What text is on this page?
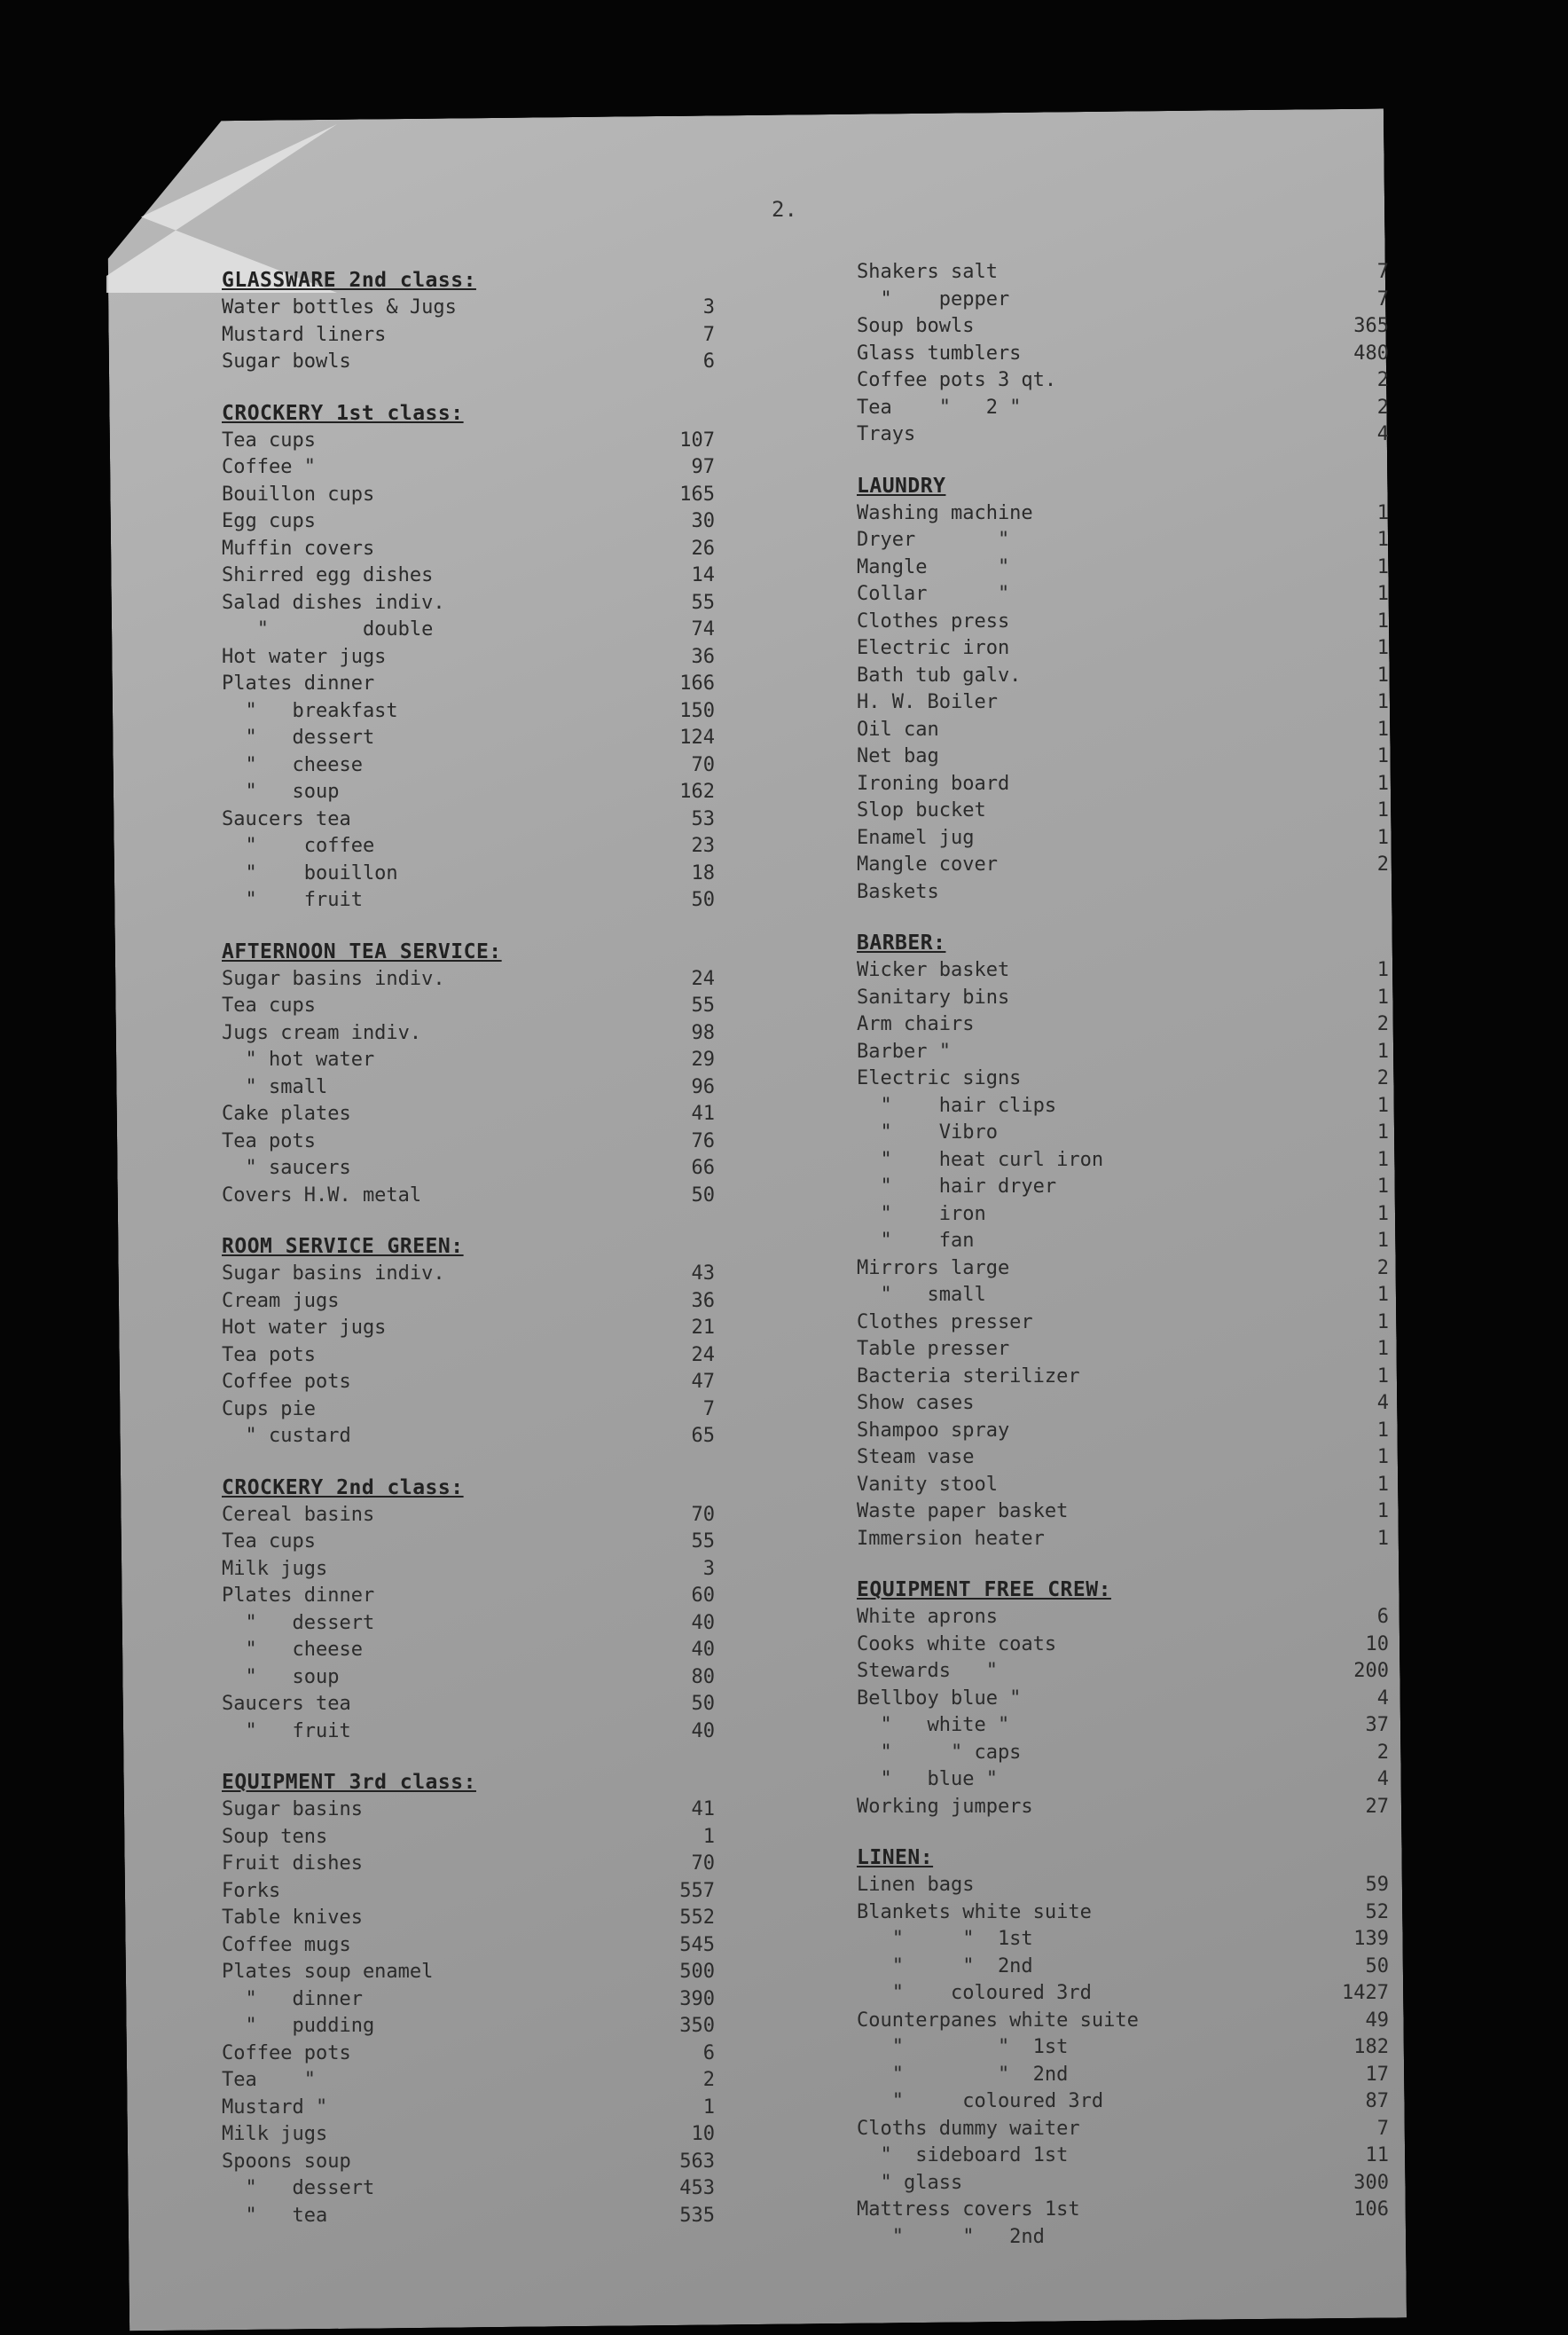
2.
GLASSWARE 2nd class:
Water bottles & Jugs	3
Mustard liners	7
Sugar bowls	6
CROCKERY 1st class:
Tea cups	107
Coffee "	97
Bouillon cups	165
Egg cups	30
Muffin covers	26
Shirred egg dishes	14
Salad dishes indiv.	55
"        double	74
Hot water jugs	36
Plates dinner	166
"   breakfast	150
"   dessert	124
"   cheese	70
"   soup	162
Saucers tea	53
"    coffee	23
"    bouillon	18
"    fruit	50
AFTERNOON TEA SERVICE:
Sugar basins indiv.	24
Tea cups	55
Jugs cream indiv.	98
" hot water	29
" small	96
Cake plates	41
Tea pots	76
" saucers	66
Covers H.W. metal	50
ROOM SERVICE GREEN:
Sugar basins indiv.	43
Cream jugs	36
Hot water jugs	21
Tea pots	24
Coffee pots	47
Cups pie	7
" custard	65
CROCKERY 2nd class:
Cereal basins	70
Tea cups	55
Milk jugs	3
Plates dinner	60
"   dessert	40
"   cheese	40
"   soup	80
Saucers tea	50
"   fruit	40
EQUIPMENT 3rd class:
Sugar basins	41
Soup tens	1
Fruit dishes	70
Forks	557
Table knives	552
Coffee mugs	545
Plates soup enamel	500
"   dinner	390
"   pudding	350
Coffee pots	6
Tea    "	2
Mustard "	1
Milk jugs	10
Spoons soup	563
"   dessert	453
"   tea	535
Shakers salt	7
"    pepper	7
Soup bowls	365
Glass tumblers	480
Coffee pots 3 qt.	2
Tea    "   2 "	2
Trays	4
LAUNDRY
Washing machine	1
Dryer       "	1
Mangle      "	1
Collar      "	1
Clothes press	1
Electric iron	1
Bath tub galv.	1
H. W. Boiler	1
Oil can	1
Net bag	1
Ironing board	1
Slop bucket	1
Enamel jug	1
Mangle cover	2
Baskets
BARBER:
Wicker basket	1
Sanitary bins	1
Arm chairs	2
Barber "	1
Electric signs	2
"    hair clips	1
"    Vibro	1
"    heat curl iron	1
"    hair dryer	1
"    iron	1
"    fan	1
Mirrors large	2
"   small	1
Clothes presser	1
Table presser	1
Bacteria sterilizer	1
Show cases	4
Shampoo spray	1
Steam vase	1
Vanity stool	1
Waste paper basket	1
Immersion heater	1
EQUIPMENT FREE CREW:
White aprons	6
Cooks white coats	10
Stewards   "	200
Bellboy blue "	4
"   white "	37
"     " caps	2
"   blue "	4
Working jumpers	27
LINEN:
Linen bags	59
Blankets white suite	52
"     "  1st	139
"     "  2nd	50
"    coloured 3rd	1427
Counterpanes white suite	49
"        "  1st	182
"        "  2nd	17
"     coloured 3rd	87
Cloths dummy waiter	7
"  sideboard 1st	11
" glass	300
Mattress covers 1st	106
"     "   2nd
